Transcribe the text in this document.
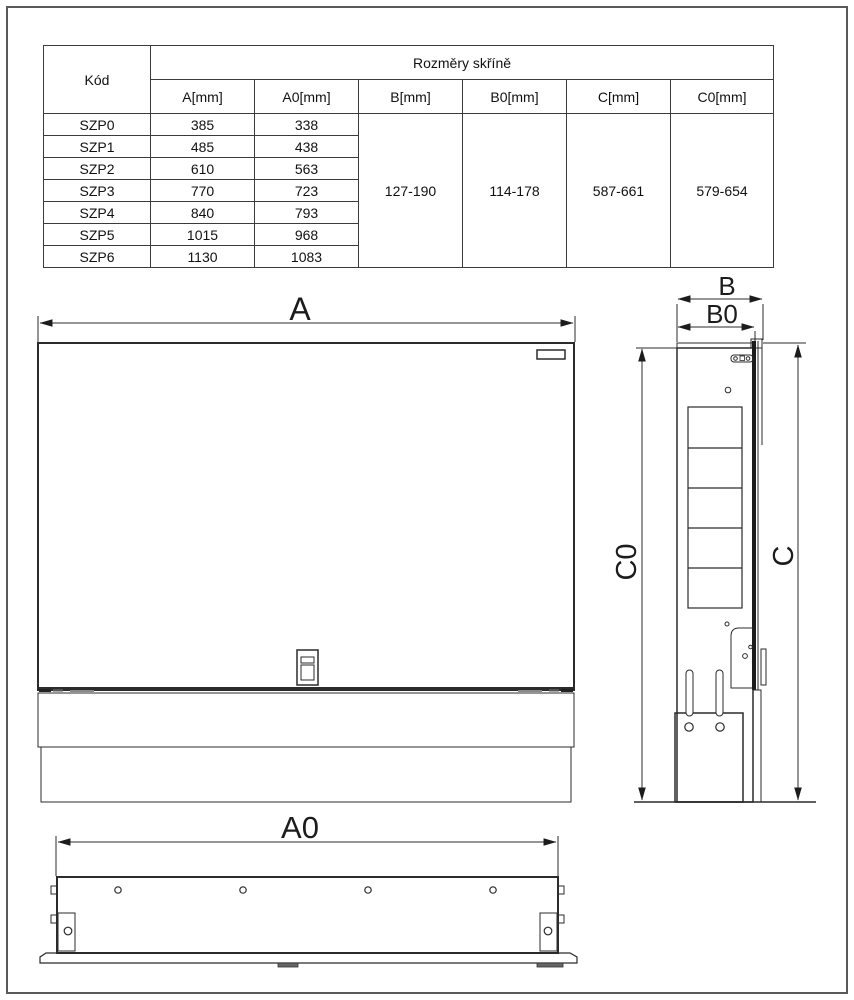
Kód	Rozměry skříně					
	A[mm]	A0[mm]	B[mm]	B0[mm]	C[mm]	C0[mm]
SZP0	385	338	127-190	114-178	587-661	579-654
SZP1	485	438				
SZP2	610	563				
SZP3	770	723				
SZP4	840	793				
SZP5	1015	968				
SZP6	1130	1083				
A
B
B0
C0	C
A0
